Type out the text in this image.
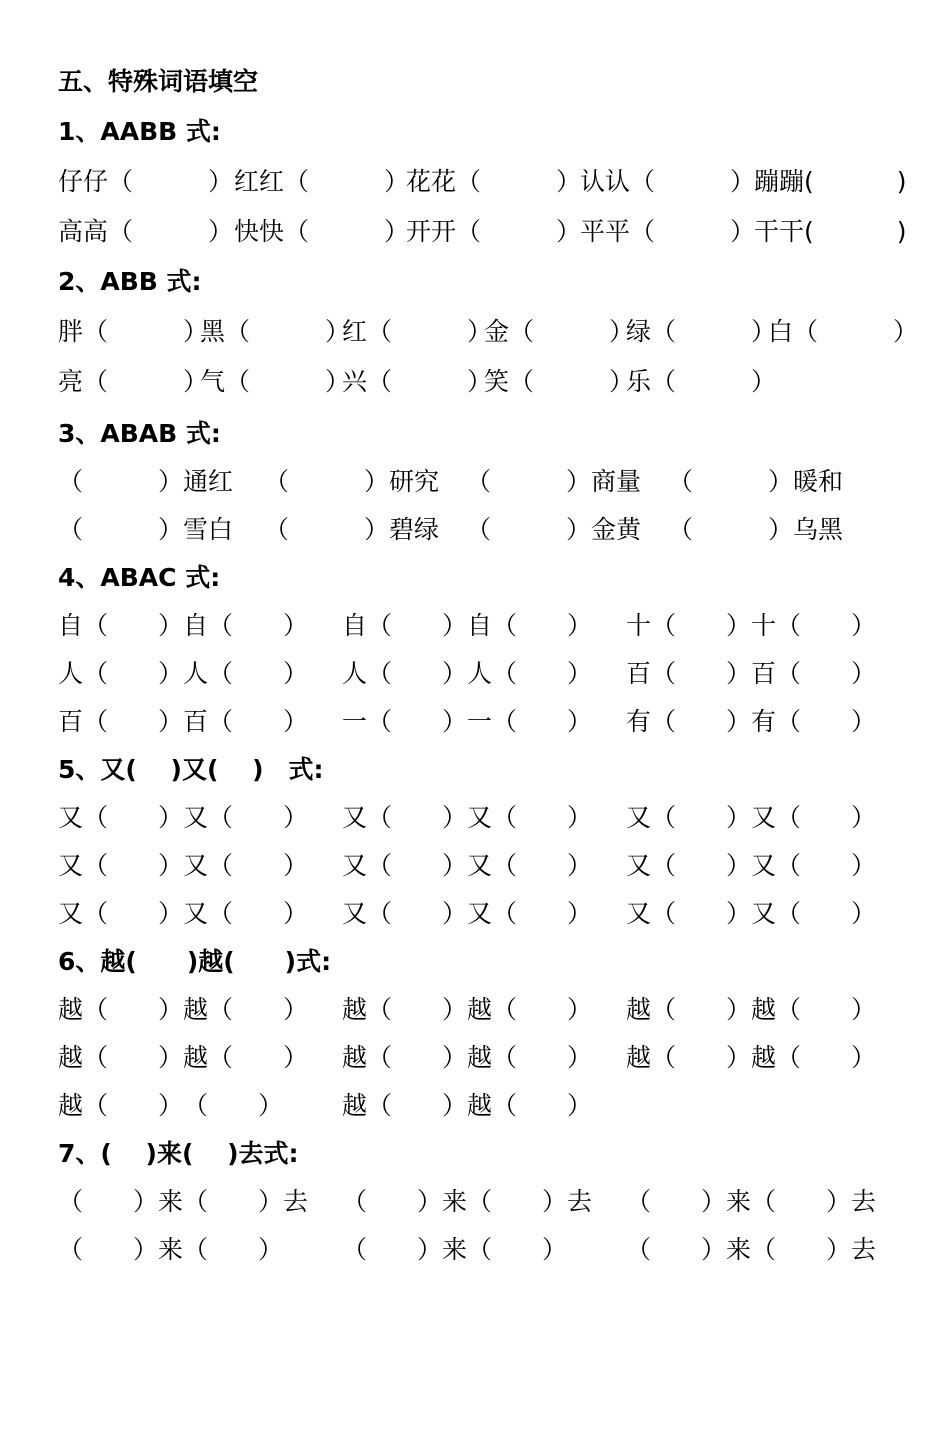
五、特殊词语填空
1、AABB 式:

仔仔（　　　）

红红（　　　）

花花（　　　）

认认（　　　）

蹦蹦(　　　 )

高高（　　　）

快快（　　　）

开开（　　　）

平平（　　　）

干干(　　　 )

2、ABB 式:

胖（　　　）

黑（　　　）

红（　　　）

金（　　　）

绿（　　　）

白（　　　）

亮（　　　）

气（　　　）

兴（　　　）

笑（　　　）

乐（　　　）

3、ABAB 式:

（　　　）通红

（　　　）研究

（　　　）商量

（　　　）暖和

（　　　）雪白

（　　　）碧绿

（　　　）金黄

（　　　）乌黑

4、ABAC 式:

自（　　）自（　　）

自（　　）自（　　）

十（　　）十（　　）

人（　　）人（　　）

人（　　）人（　　）

百（　　）百（　　）

百（　　）百（　　）

一（　　）一（　　）

有（　　）有（　　）

5、又(　 )又(　 )　式:

又（　　）又（　　）

又（　　）又（　　）

又（　　）又（　　）

又（　　）又（　　）

又（　　）又（　　）

又（　　）又（　　）

又（　　）又（　　）

又（　　）又（　　）

又（　　）又（　　）

6、越(　　)越(　　)式:

越（　　）越（　　）

越（　　）越（　　）

越（　　）越（　　）

越（　　）越（　　）

越（　　）越（　　）

越（　　）越（　　）

越（　　）　（　　）

越（　　）越（　　）

7、(　 )来(　 )去式:

（　　）来（　　）去

（　　）来（　　）去

（　　）来（　　）去

（　　）来（　　）

（　　）来（　　）

（　　）来（　　）去
